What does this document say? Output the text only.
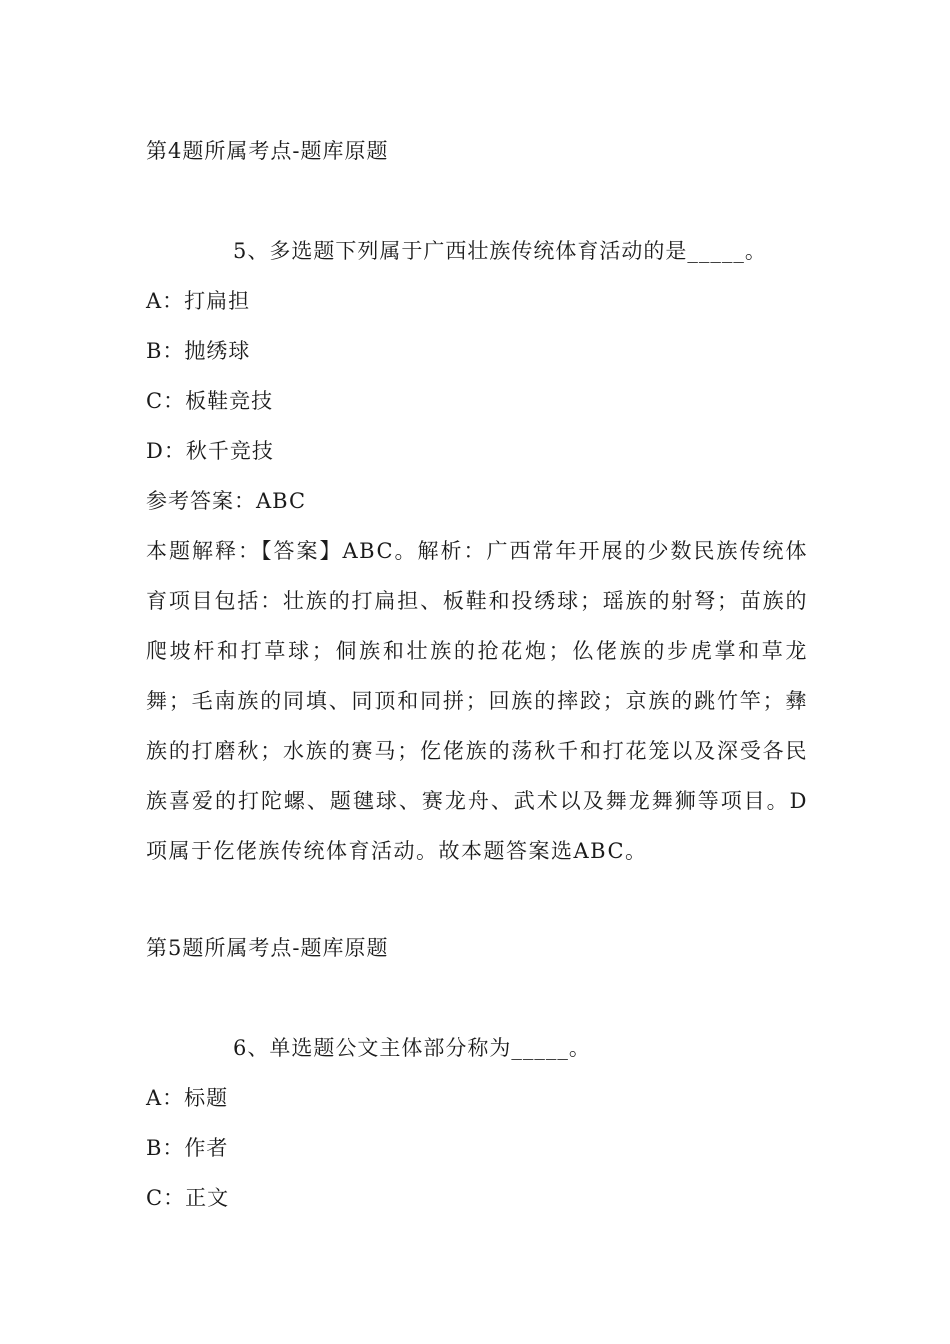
第4题所属考点-题库原题
5、多选题下列属于广西壮族传统体育活动的是_____。
A：打扁担
B：抛绣球
C：板鞋竞技
D：秋千竞技
参考答案：ABC
本题解释：【答案】ABC。解析：广西常年开展的少数民族传统体育项目包括：壮族的打扁担、板鞋和投绣球；瑶族的射弩；苗族的爬坡杆和打草球；侗族和壮族的抢花炮；仫佬族的步虎掌和草龙舞；毛南族的同填、同顶和同拼；回族的摔跤；京族的跳竹竿；彝族的打磨秋；水族的赛马；仡佬族的荡秋千和打花笼以及深受各民族喜爱的打陀螺、题毽球、赛龙舟、武术以及舞龙舞狮等项目。D项属于仡佬族传统体育活动。故本题答案选ABC。
第5题所属考点-题库原题
6、单选题公文主体部分称为_____。
A：标题
B：作者
C：正文
